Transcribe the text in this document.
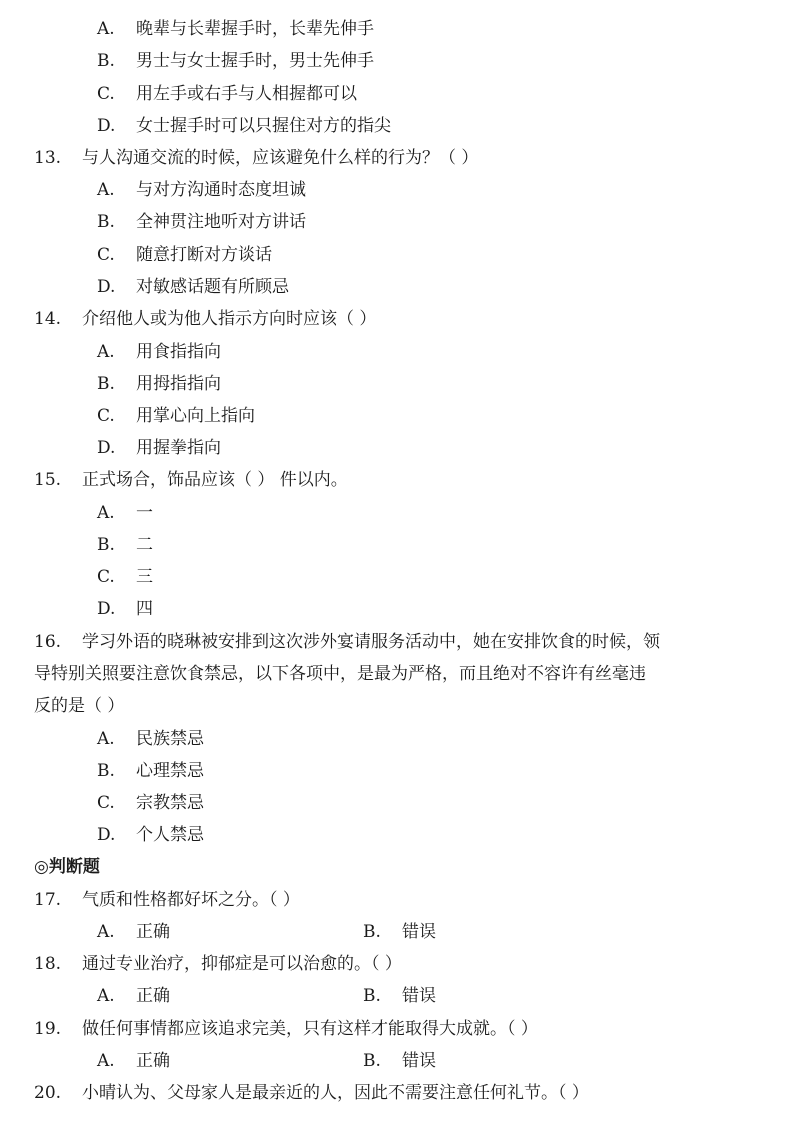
A. 晚辈与长辈握手时，长辈先伸手
B. 男士与女士握手时，男士先伸手
C. 用左手或右手与人相握都可以
D. 女士握手时可以只握住对方的指尖
13. 与人沟通交流的时候，应该避免什么样的行为？（ ）
A. 与对方沟通时态度坦诚
B. 全神贯注地听对方讲话
C. 随意打断对方谈话
D. 对敏感话题有所顾忌
14. 介绍他人或为他人指示方向时应该（ ）
A. 用食指指向
B. 用拇指指向
C. 用掌心向上指向
D. 用握拳指向
15. 正式场合，饰品应该（ ） 件以内。
A. 一
B. 二
C. 三
D. 四
16. 学习外语的晓琳被安排到这次涉外宴请服务活动中，她在安排饮食的时候，领
导特别关照要注意饮食禁忌，以下各项中，是最为严格，而且绝对不容许有丝毫违
反的是（ ）
A. 民族禁忌
B. 心理禁忌
C. 宗教禁忌
D. 个人禁忌
◎判断题
17. 气质和性格都好坏之分。（ ）
A. 正确	B. 错误
18. 通过专业治疗，抑郁症是可以治愈的。（ ）
A. 正确	B. 错误
19. 做任何事情都应该追求完美，只有这样才能取得大成就。（ ）
A. 正确	B. 错误
20. 小晴认为、父母家人是最亲近的人，因此不需要注意任何礼节。（ ）
